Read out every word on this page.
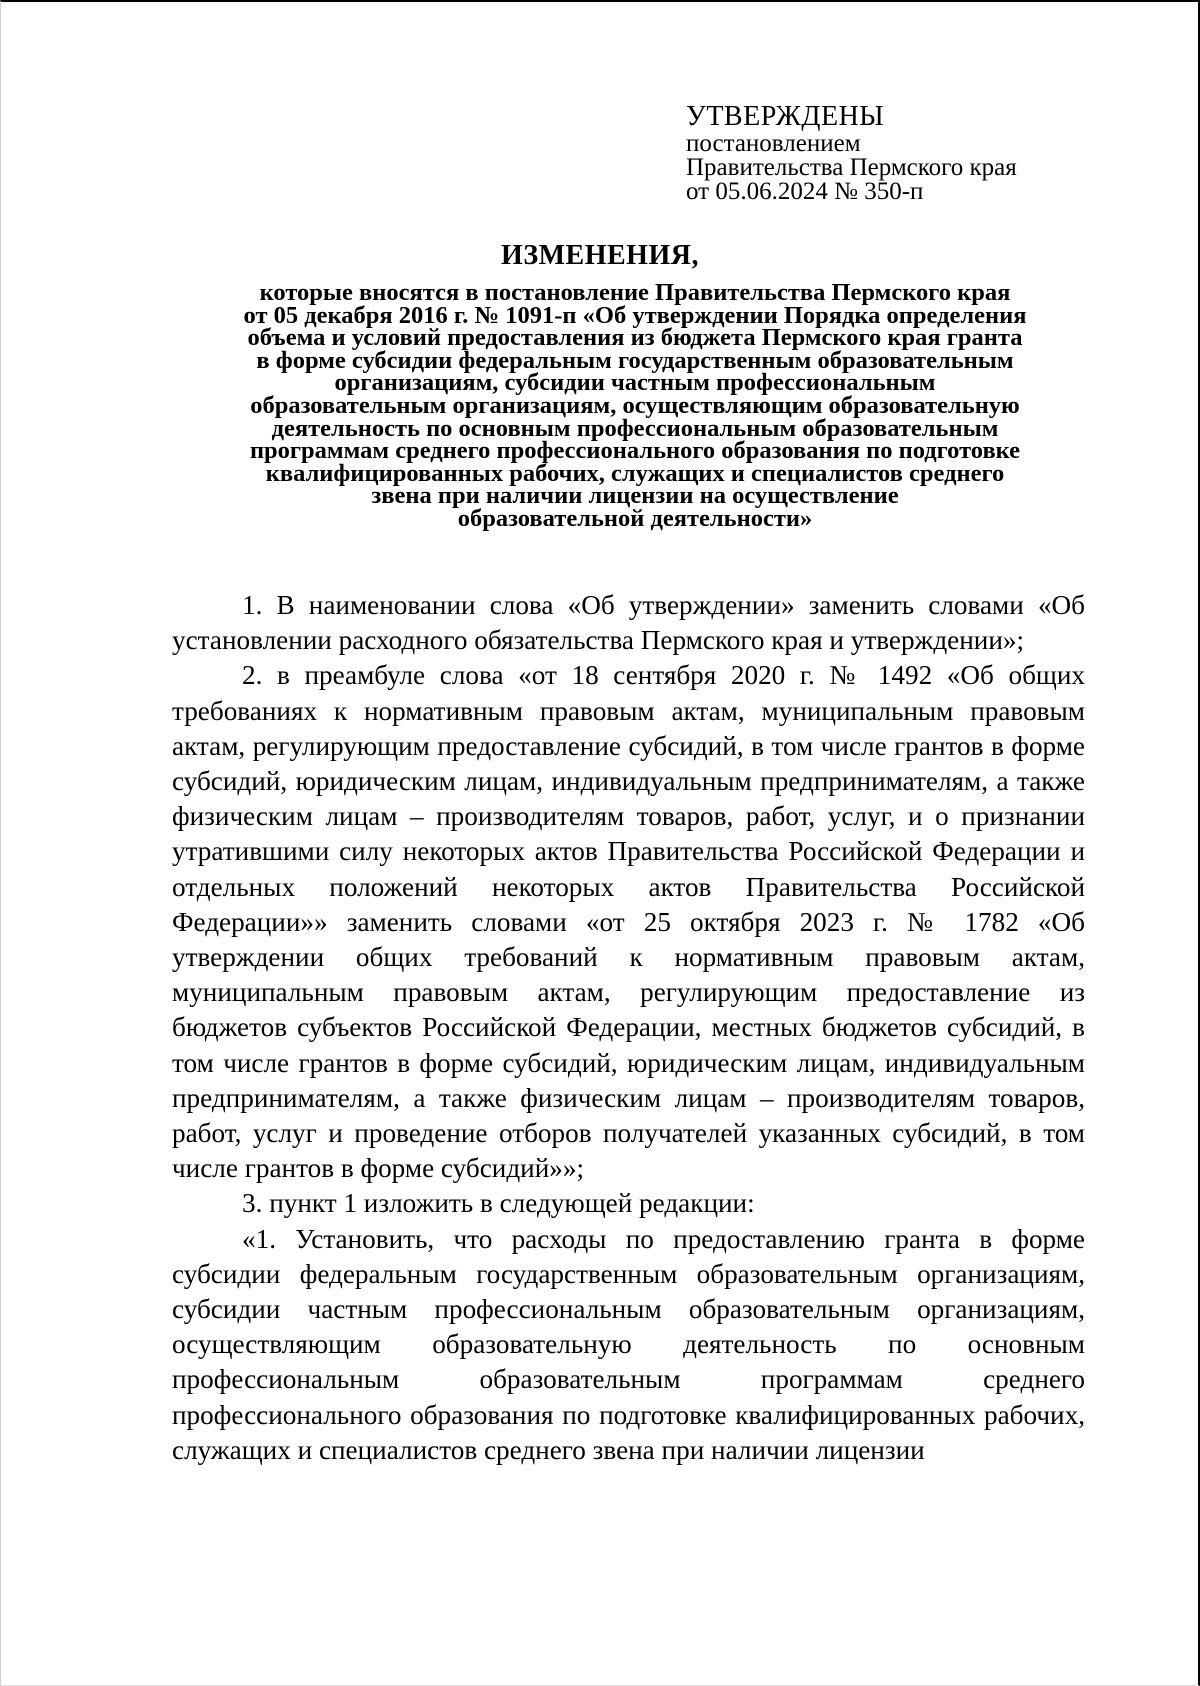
УТВЕРЖДЕНЫ
постановлением
Правительства Пермского края
от 05.06.2024 № 350-п
ИЗМЕНЕНИЯ,
которые вносятся в постановление Правительства Пермского края
от 05 декабря 2016 г. № 1091-п «Об утверждении Порядка определения
объема и условий предоставления из бюджета Пермского края гранта
в форме субсидии федеральным государственным образовательным
организациям, субсидии частным профессиональным
образовательным организациям, осуществляющим образовательную
деятельность по основным профессиональным образовательным
программам среднего профессионального образования по подготовке
квалифицированных рабочих, служащих и специалистов среднего
звена при наличии лицензии на осуществление
образовательной деятельности»

1. В наименовании слова «Об утверждении» заменить словами «Об установлении расходного обязательства Пермского края и утверждении»;

2. в преамбуле слова «от 18 сентября 2020 г. № 1492 «Об общих требованиях к нормативным правовым актам, муниципальным правовым актам, регулирующим предоставление субсидий, в том числе грантов в форме субсидий, юридическим лицам, индивидуальным предпринимателям, а также физическим лицам – производителям товаров, работ, услуг, и о признании утратившими силу некоторых актов Правительства Российской Федерации и отдельных положений некоторых актов Правительства Российской Федерации»» заменить словами «от 25 октября 2023 г. № 1782 «Об утверждении общих требований к нормативным правовым актам, муниципальным правовым актам, регулирующим предоставление из бюджетов субъектов Российской Федерации, местных бюджетов субсидий, в том числе грантов в форме субсидий, юридическим лицам, индивидуальным предпринимателям, а также физическим лицам – производителям товаров, работ, услуг и проведение отборов получателей указанных субсидий, в том числе грантов в форме субсидий»»;

3. пункт 1 изложить в следующей редакции:

«1. Установить, что расходы по предоставлению гранта в форме субсидии федеральным государственным образовательным организациям, субсидии частным профессиональным образовательным организациям, осуществляющим образовательную деятельность по основным профессиональным образовательным программам среднего профессионального образования по подготовке квалифицированных рабочих, служащих и специалистов среднего звена при наличии лицензии
